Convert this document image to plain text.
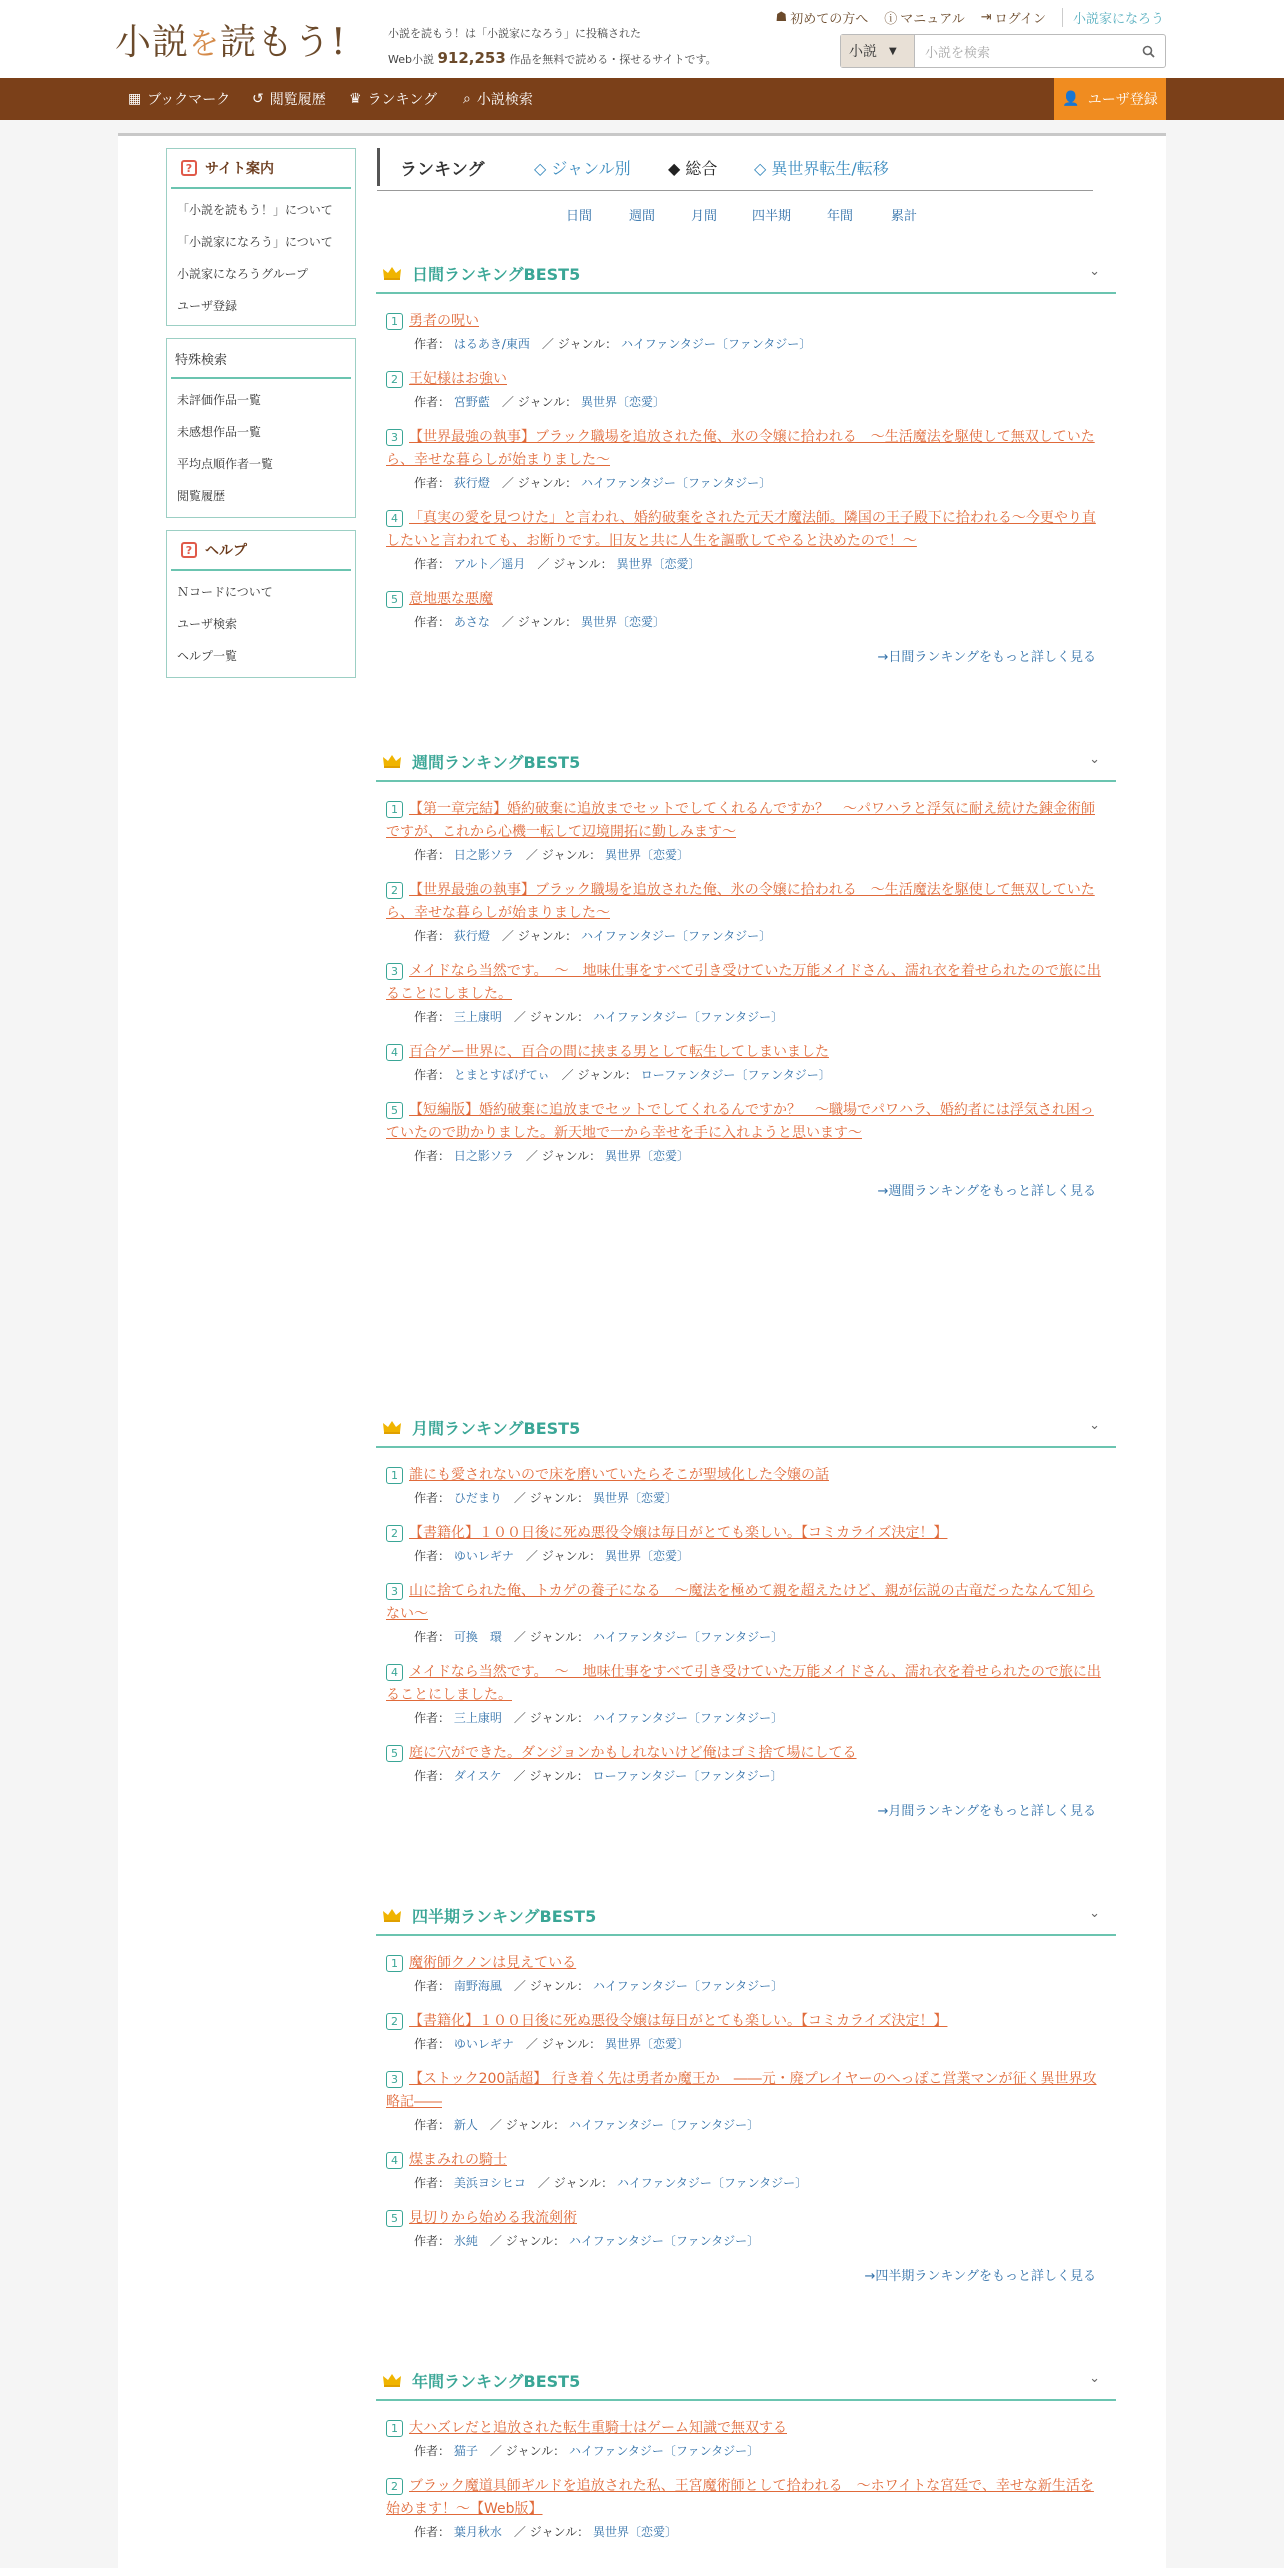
小説を読もう!	小説を読もう！は「小説家になろう」に投稿された
Web小説 912,253 作品を無料で読める・探せるサイトです。
☗ 初めての方へ ⓘ マニュアル ⇥ ログイン	小説家になろう
小説 ▼	小説を検索
▦ ブックマーク ↺ 閲覧履歴 ♛ ランキング ⌕ 小説検索	👤 ユーザ登録
? サイト案内
「小説を読もう！」について
「小説家になろう」について
小説家になろうグループ
ユーザ登録
特殊検索
未評価作品一覧
未感想作品一覧
平均点順作者一覧
閲覧履歴
? ヘルプ
Ｎコードについて
ユーザ検索
ヘルプ一覧
ランキング	◇ ジャンル別 ◆ 総合 ◇ 異世界転生/転移
日間	週間	月間	四半期	年間	累計
日間ランキングBEST5	⌄
1 勇者の呪い
作者： はるあき/東西　 ／ ジャンル： ハイファンタジー〔ファンタジー〕
2 王妃様はお強い
作者： 宮野藍　 ／ ジャンル： 異世界〔恋愛〕
3 【世界最強の執事】ブラック職場を追放された俺、氷の令嬢に拾われる　～生活魔法を駆使して無双していたら、幸せな暮らしが始まりました～
作者： 荻行燈　 ／ ジャンル： ハイファンタジー〔ファンタジー〕
4 「真実の愛を見つけた」と言われ、婚約破棄をされた元天才魔法師。隣国の王子殿下に拾われる〜今更やり直したいと言われても、お断りです。旧友と共に人生を謳歌してやると決めたので！〜
作者： アルト／遥月　 ／ ジャンル： 異世界〔恋愛〕
5 意地悪な悪魔
作者： あさな　 ／ ジャンル： 異世界〔恋愛〕
→日間ランキングをもっと詳しく見る
週間ランキングBEST5	⌄
1 【第一章完結】婚約破棄に追放までセットでしてくれるんですか？　～パワハラと浮気に耐え続けた錬金術師ですが、これから心機一転して辺境開拓に勤しみます～
作者： 日之影ソラ　 ／ ジャンル： 異世界〔恋愛〕
2 【世界最強の執事】ブラック職場を追放された俺、氷の令嬢に拾われる　～生活魔法を駆使して無双していたら、幸せな暮らしが始まりました～
作者： 荻行燈　 ／ ジャンル： ハイファンタジー〔ファンタジー〕
3 メイドなら当然です。　〜　地味仕事をすべて引き受けていた万能メイドさん、濡れ衣を着せられたので旅に出ることにしました。
作者： 三上康明　 ／ ジャンル： ハイファンタジー〔ファンタジー〕
4 百合ゲー世界に、百合の間に挟まる男として転生してしまいました
作者： とまとすばげてぃ　 ／ ジャンル： ローファンタジー〔ファンタジー〕
5 【短編版】婚約破棄に追放までセットでしてくれるんですか？　～職場でパワハラ、婚約者には浮気され困っていたので助かりました。新天地で一から幸せを手に入れようと思います～
作者： 日之影ソラ　 ／ ジャンル： 異世界〔恋愛〕
→週間ランキングをもっと詳しく見る
月間ランキングBEST5	⌄
1 誰にも愛されないので床を磨いていたらそこが聖域化した令嬢の話
作者： ひだまり　 ／ ジャンル： 異世界〔恋愛〕
2 【書籍化】１００日後に死ぬ悪役令嬢は毎日がとても楽しい。【コミカライズ決定！】
作者： ゆいレギナ　 ／ ジャンル： 異世界〔恋愛〕
3 山に捨てられた俺、トカゲの養子になる　〜魔法を極めて親を超えたけど、親が伝説の古竜だったなんて知らない〜
作者： 可換　環　 ／ ジャンル： ハイファンタジー〔ファンタジー〕
4 メイドなら当然です。　〜　地味仕事をすべて引き受けていた万能メイドさん、濡れ衣を着せられたので旅に出ることにしました。
作者： 三上康明　 ／ ジャンル： ハイファンタジー〔ファンタジー〕
5 庭に穴ができた。ダンジョンかもしれないけど俺はゴミ捨て場にしてる
作者： ダイスケ　 ／ ジャンル： ローファンタジー〔ファンタジー〕
→月間ランキングをもっと詳しく見る
四半期ランキングBEST5	⌄
1 魔術師クノンは見えている
作者： 南野海風　 ／ ジャンル： ハイファンタジー〔ファンタジー〕
2 【書籍化】１００日後に死ぬ悪役令嬢は毎日がとても楽しい。【コミカライズ決定！】
作者： ゆいレギナ　 ／ ジャンル： 異世界〔恋愛〕
3 【ストック200話超】 行き着く先は勇者か魔王か　――元・廃プレイヤーのへっぽこ営業マンが征く異世界攻略記――
作者： 新人　 ／ ジャンル： ハイファンタジー〔ファンタジー〕
4 煤まみれの騎士
作者： 美浜ヨシヒコ　 ／ ジャンル： ハイファンタジー〔ファンタジー〕
5 見切りから始める我流剣術
作者： 氷純　 ／ ジャンル： ハイファンタジー〔ファンタジー〕
→四半期ランキングをもっと詳しく見る
年間ランキングBEST5	⌄
1 大ハズレだと追放された転生重騎士はゲーム知識で無双する
作者： 猫子　 ／ ジャンル： ハイファンタジー〔ファンタジー〕
2 ブラック魔道具師ギルドを追放された私、王宮魔術師として拾われる　～ホワイトな宮廷で、幸せな新生活を始めます！～【Web版】
作者： 葉月秋水　 ／ ジャンル： 異世界〔恋愛〕
